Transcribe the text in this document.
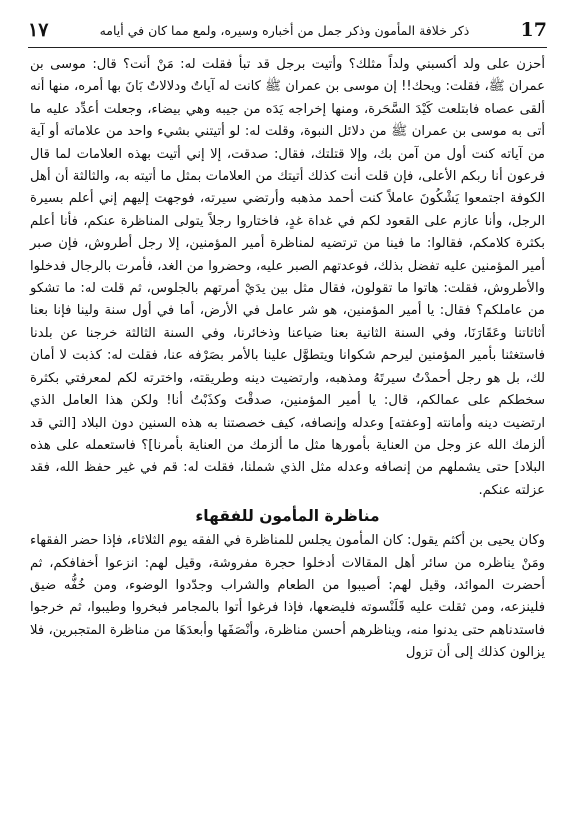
١٧	ذكر خلافة المأمون وذكر جمل من أخباره وسيره، ولمع مما كان في أيامه	17

أحزن على ولد أكسبني ولداً مثلك؟ وأتيت برجل قد تبأ فقلت له: مَنْ أنت؟ قال: موسى بن عمران ﷺ، فقلت: ويحك!! إن موسى بن عمران ﷺ كانت له آياتٌ ودلالاتٌ بَانَ بها أمره، منها أنه ألقى عصاه فابتلعت كَيْدَ السَّحَرة، ومنها إخراجه يَدَه من جيبه وهي بيضاء، وجعلت أعدِّد عليه ما أتى به موسى بن عمران ﷺ من دلائل النبوة، وقلت له: لو أتيتني بشيء واحد من علاماته أو آية من آياته كنت أول من آمن بك، وإلا قتلتك، فقال: صدقت، إلا إني أتيت بهذه العلامات لما قال فرعون أنا ربكم الأعلى، فإن قلت أنت كذلك أتيتك من العلامات بمثل ما أتيته به، والثالثة أن أهل الكوفة اجتمعوا يَشْكُونَ عاملاً كنت أحمد مذهبه وأرتضي سيرته، فوجهت إليهم إني أعلم بسيرة الرجل، وأنا عازم على القعود لكم في غداة غدٍ، فاختاروا رجلاً يتولى المناظرة عنكم، فأنا أعلم بكثرة كلامكم، فقالوا: ما فينا من ترتضيه لمناظرة أمير المؤمنين، إلا رجل أطروش، فإن صبر أمير المؤمنين عليه تفضل بذلك، فوعدتهم الصبر عليه، وحضروا من الغد، فأمرت بالرجال فدخلوا والأطروش، فقلت: هاتوا ما تقولون، فقال مثل بين يدَيْ أمرتهم بالجلوس، ثم قلت له: ما تشكو من عاملكم؟ فقال: يا أمير المؤمنين، هو شر عامل في الأرض، أما في أول سنة ولينا فإنا بعنا أثاثاتنا وعَقَارَنَا، وفي السنة الثانية بعنا ضياعنا وذخائرنا، وفي السنة الثالثة خرجنا عن بلدنا فاستغثنا بأمير المؤمنين ليرحم شكوانا ويتطوَّل علينا بالأمر بصَرْفه عنا، فقلت له: كذبت لا أمان لك، بل هو رجل أحمدْتُ سيرتَهُ ومذهبه، وارتضيت دينه وطريقته، واخترته لكم لمعرفتي بكثرة سخطكم على عمالكم، قال: يا أمير المؤمنين، صدقْتَ وكذَبْتُ أنا! ولكن هذا العامل الذي ارتضيت دينه وأمانته [وعفته] وعدله وإنصافه، كيف خصصتنا به هذه السنين دون البلاد [التي قد ألزمك الله عز وجل من العناية بأمورها مثل ما ألزمك من العناية بأمرنا]؟ فاستعمله على هذه البلاد] حتى يشملهم من إنصافه وعدله مثل الذي شملنا، فقلت له: قم في غير حفظ الله، فقد عزلته عنكم.

مناظرة المأمون للفقهاء

وكان يحيى بن أكثم يقول: كان المأمون يجلس للمناظرة في الفقه يوم الثلاثاء، فإذا حضر الفقهاء ومَنْ يناظره من سائر أهل المقالات أدخلوا حجرة مفروشة، وقيل لهم: انزعوا أخفافكم، ثم أحضرت الموائد، وقيل لهم: أصيبوا من الطعام والشراب وجدّدوا الوضوء، ومن خُفُّه ضيق فلينزعه، ومن ثقلت عليه قَلَنْسوته فليضعها، فإذا فرغوا أتوا بالمجامر فبخروا وطيبوا، ثم خرجوا فاستدناهم حتى يدنوا منه، ويناظرهم أحسن مناظرة، وأنْصَفَها وأبعدَهَا من مناظرة المتجبرين، فلا يزالون كذلك إلى أن تزول
